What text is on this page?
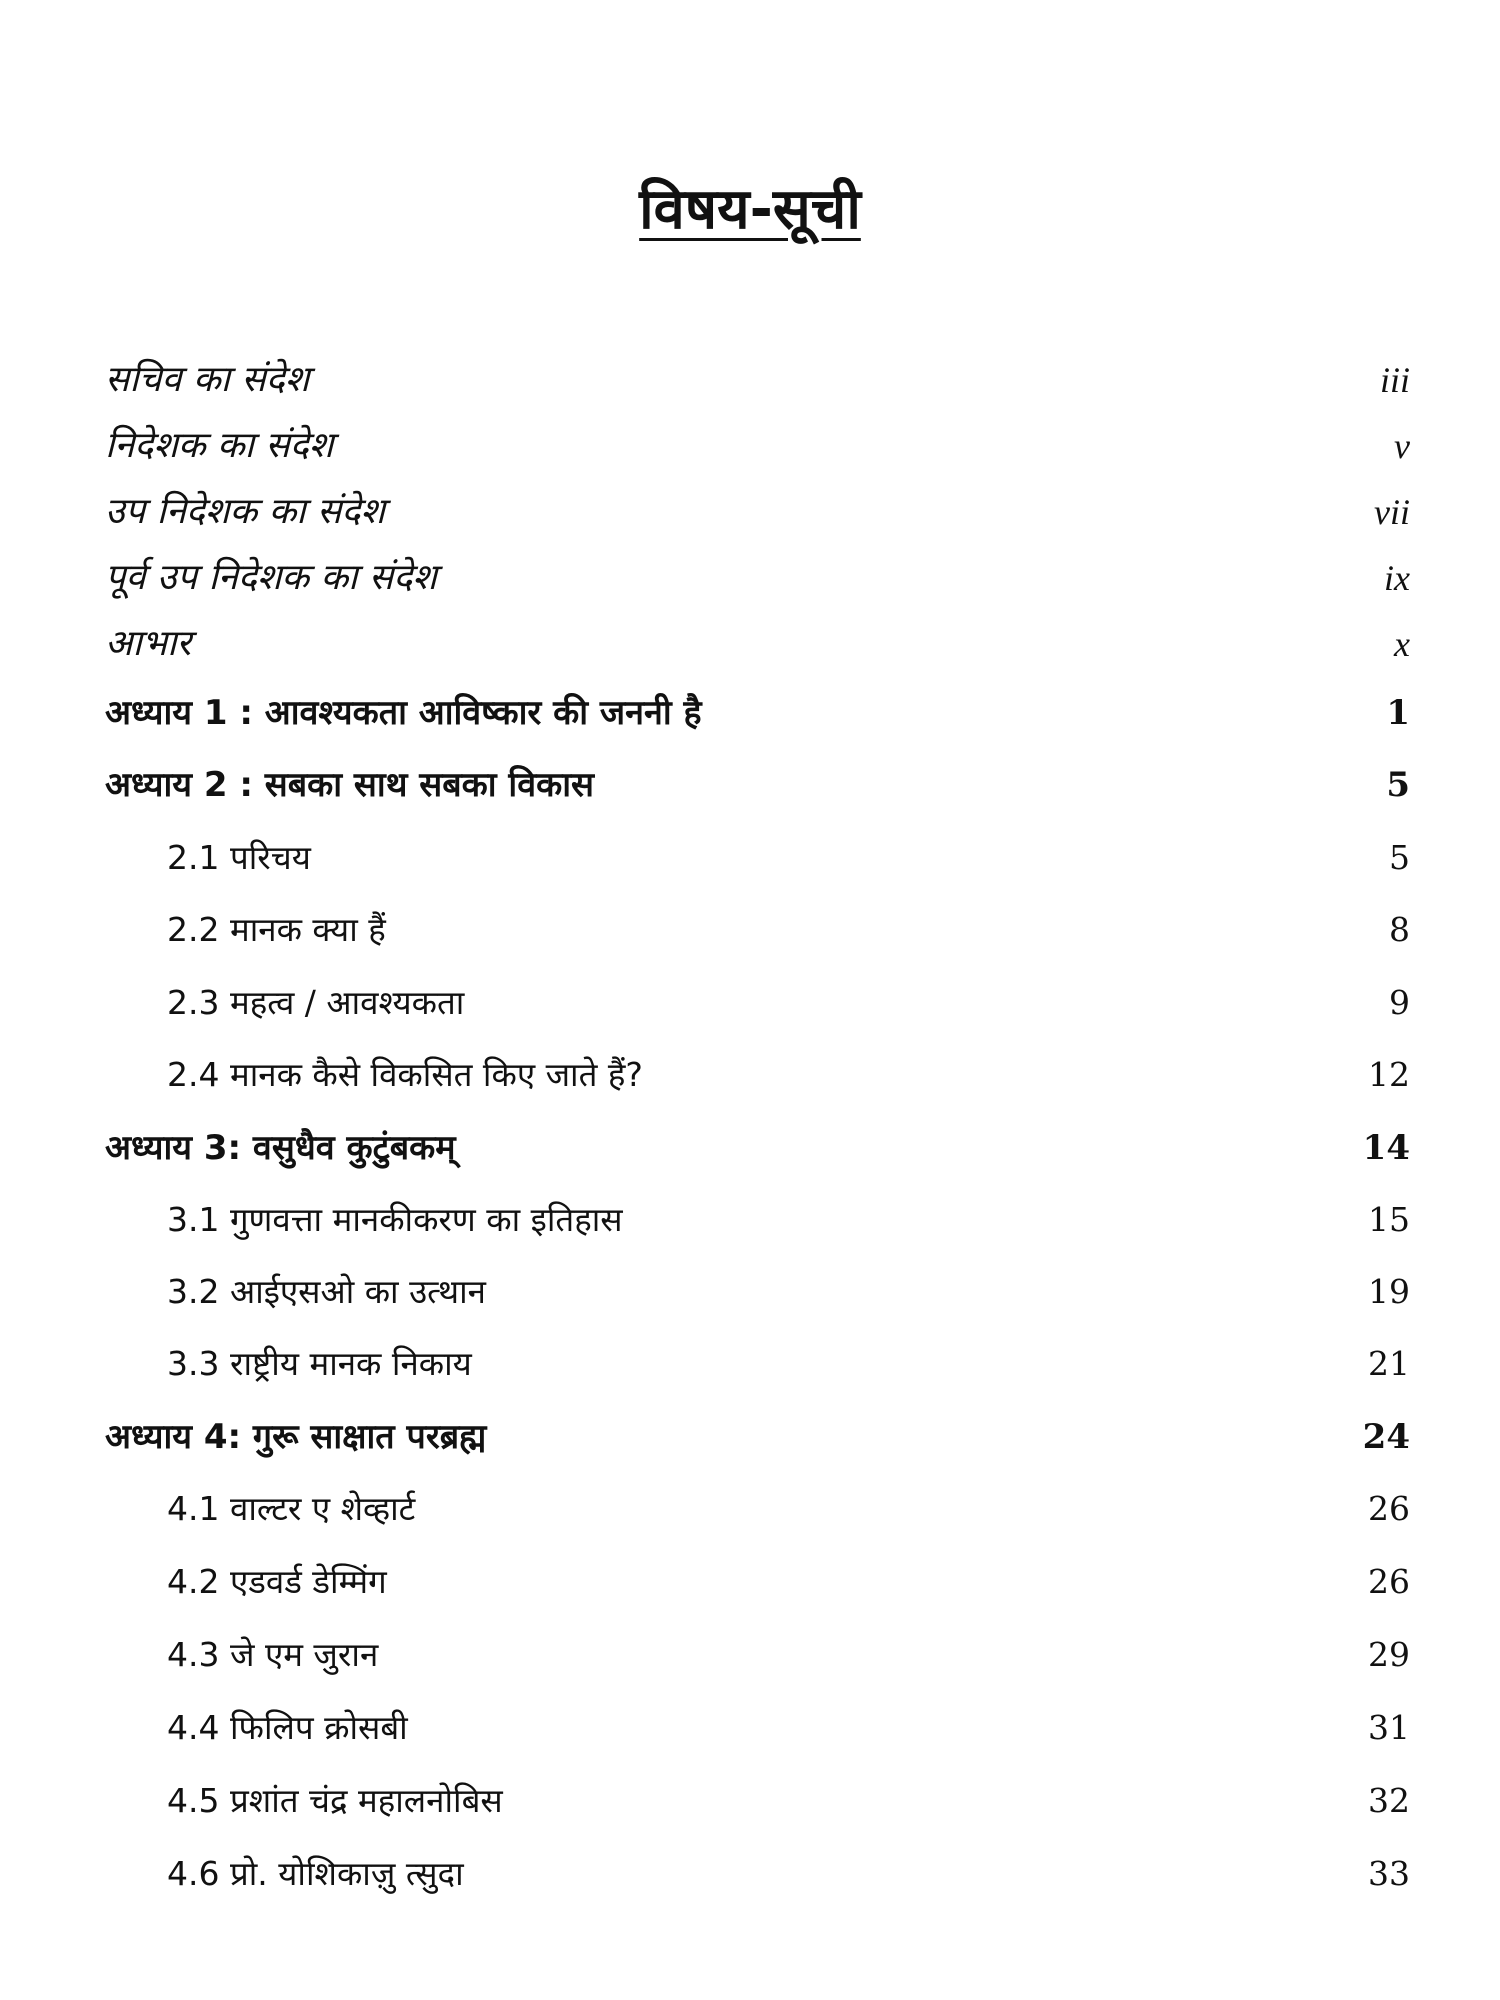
विषय-सूची
सचिव का संदेश	iii
निदेशक का संदेश	v
उप निदेशक का संदेश	vii
पूर्व उप निदेशक का संदेश	ix
आभार	x
अध्याय 1 : आवश्यकता आविष्कार की जननी है	1
अध्याय 2 : सबका साथ सबका विकास	5
2.1 परिचय	5
2.2 मानक क्या हैं	8
2.3 महत्व / आवश्यकता	9
2.4 मानक कैसे विकसित किए जाते हैं?	12
अध्याय 3: वसुधैव कुटुंबकम्	14
3.1 गुणवत्ता मानकीकरण का इतिहास	15
3.2 आईएसओ का उत्थान	19
3.3 राष्ट्रीय मानक निकाय	21
अध्याय 4: गुरू साक्षात परब्रह्म	24
4.1 वाल्टर ए शेव्हार्ट	26
4.2 एडवर्ड डेम्मिंग	26
4.3 जे एम जुरान	29
4.4 फिलिप क्रोसबी	31
4.5 प्रशांत चंद्र महालनोबिस	32
4.6 प्रो. योशिकाज़ु त्सुदा	33
